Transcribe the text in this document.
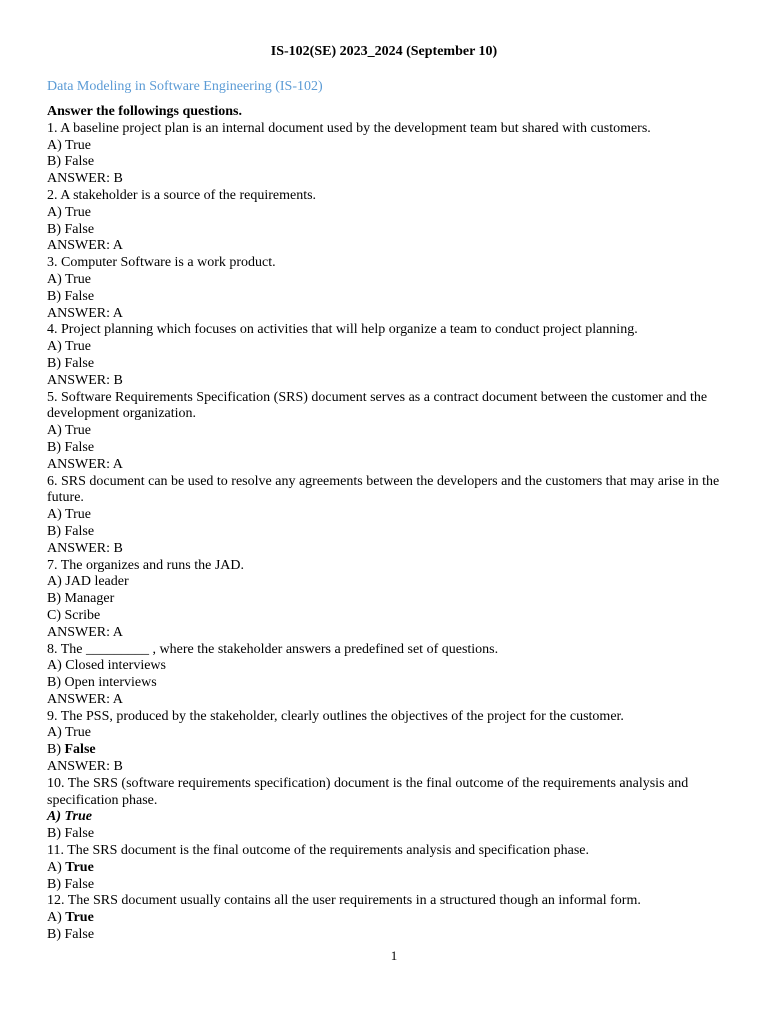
IS-102(SE) 2023_2024 (September 10)
Data Modeling in Software Engineering (IS-102)

Answer the followings questions.

1. A baseline project plan is an internal document used by the development team but shared with customers.

A) True

B) False

ANSWER: B

2. A stakeholder is a source of the requirements.

A) True

B) False

ANSWER: A

3. Computer Software is a work product.

A) True

B) False

ANSWER: A

4. Project planning which focuses on activities that will help organize a team to conduct project planning.

A) True

B) False

ANSWER: B

5. Software Requirements Specification (SRS) document serves as a contract document between the customer and the development organization.

A) True

B) False

ANSWER: A

6. SRS document can be used to resolve any agreements between the developers and the customers that may arise in the future.

A) True

B) False

ANSWER: B

7. The organizes and runs the JAD.

A) JAD leader

B) Manager

C) Scribe

ANSWER: A

8. The _________ , where the stakeholder answers a predefined set of questions.

A) Closed interviews

B) Open interviews

ANSWER: A

9. The PSS, produced by the stakeholder, clearly outlines the objectives of the project for the customer.

A) True

B) False

ANSWER: B

10. The SRS (software requirements specification) document is the final outcome of the requirements analysis and specification phase.

A) True

B) False

11. The SRS document is the final outcome of the requirements analysis and specification phase.

A) True

B) False

12. The SRS document usually contains all the user requirements in a structured though an informal form.

A) True

B) False

1
